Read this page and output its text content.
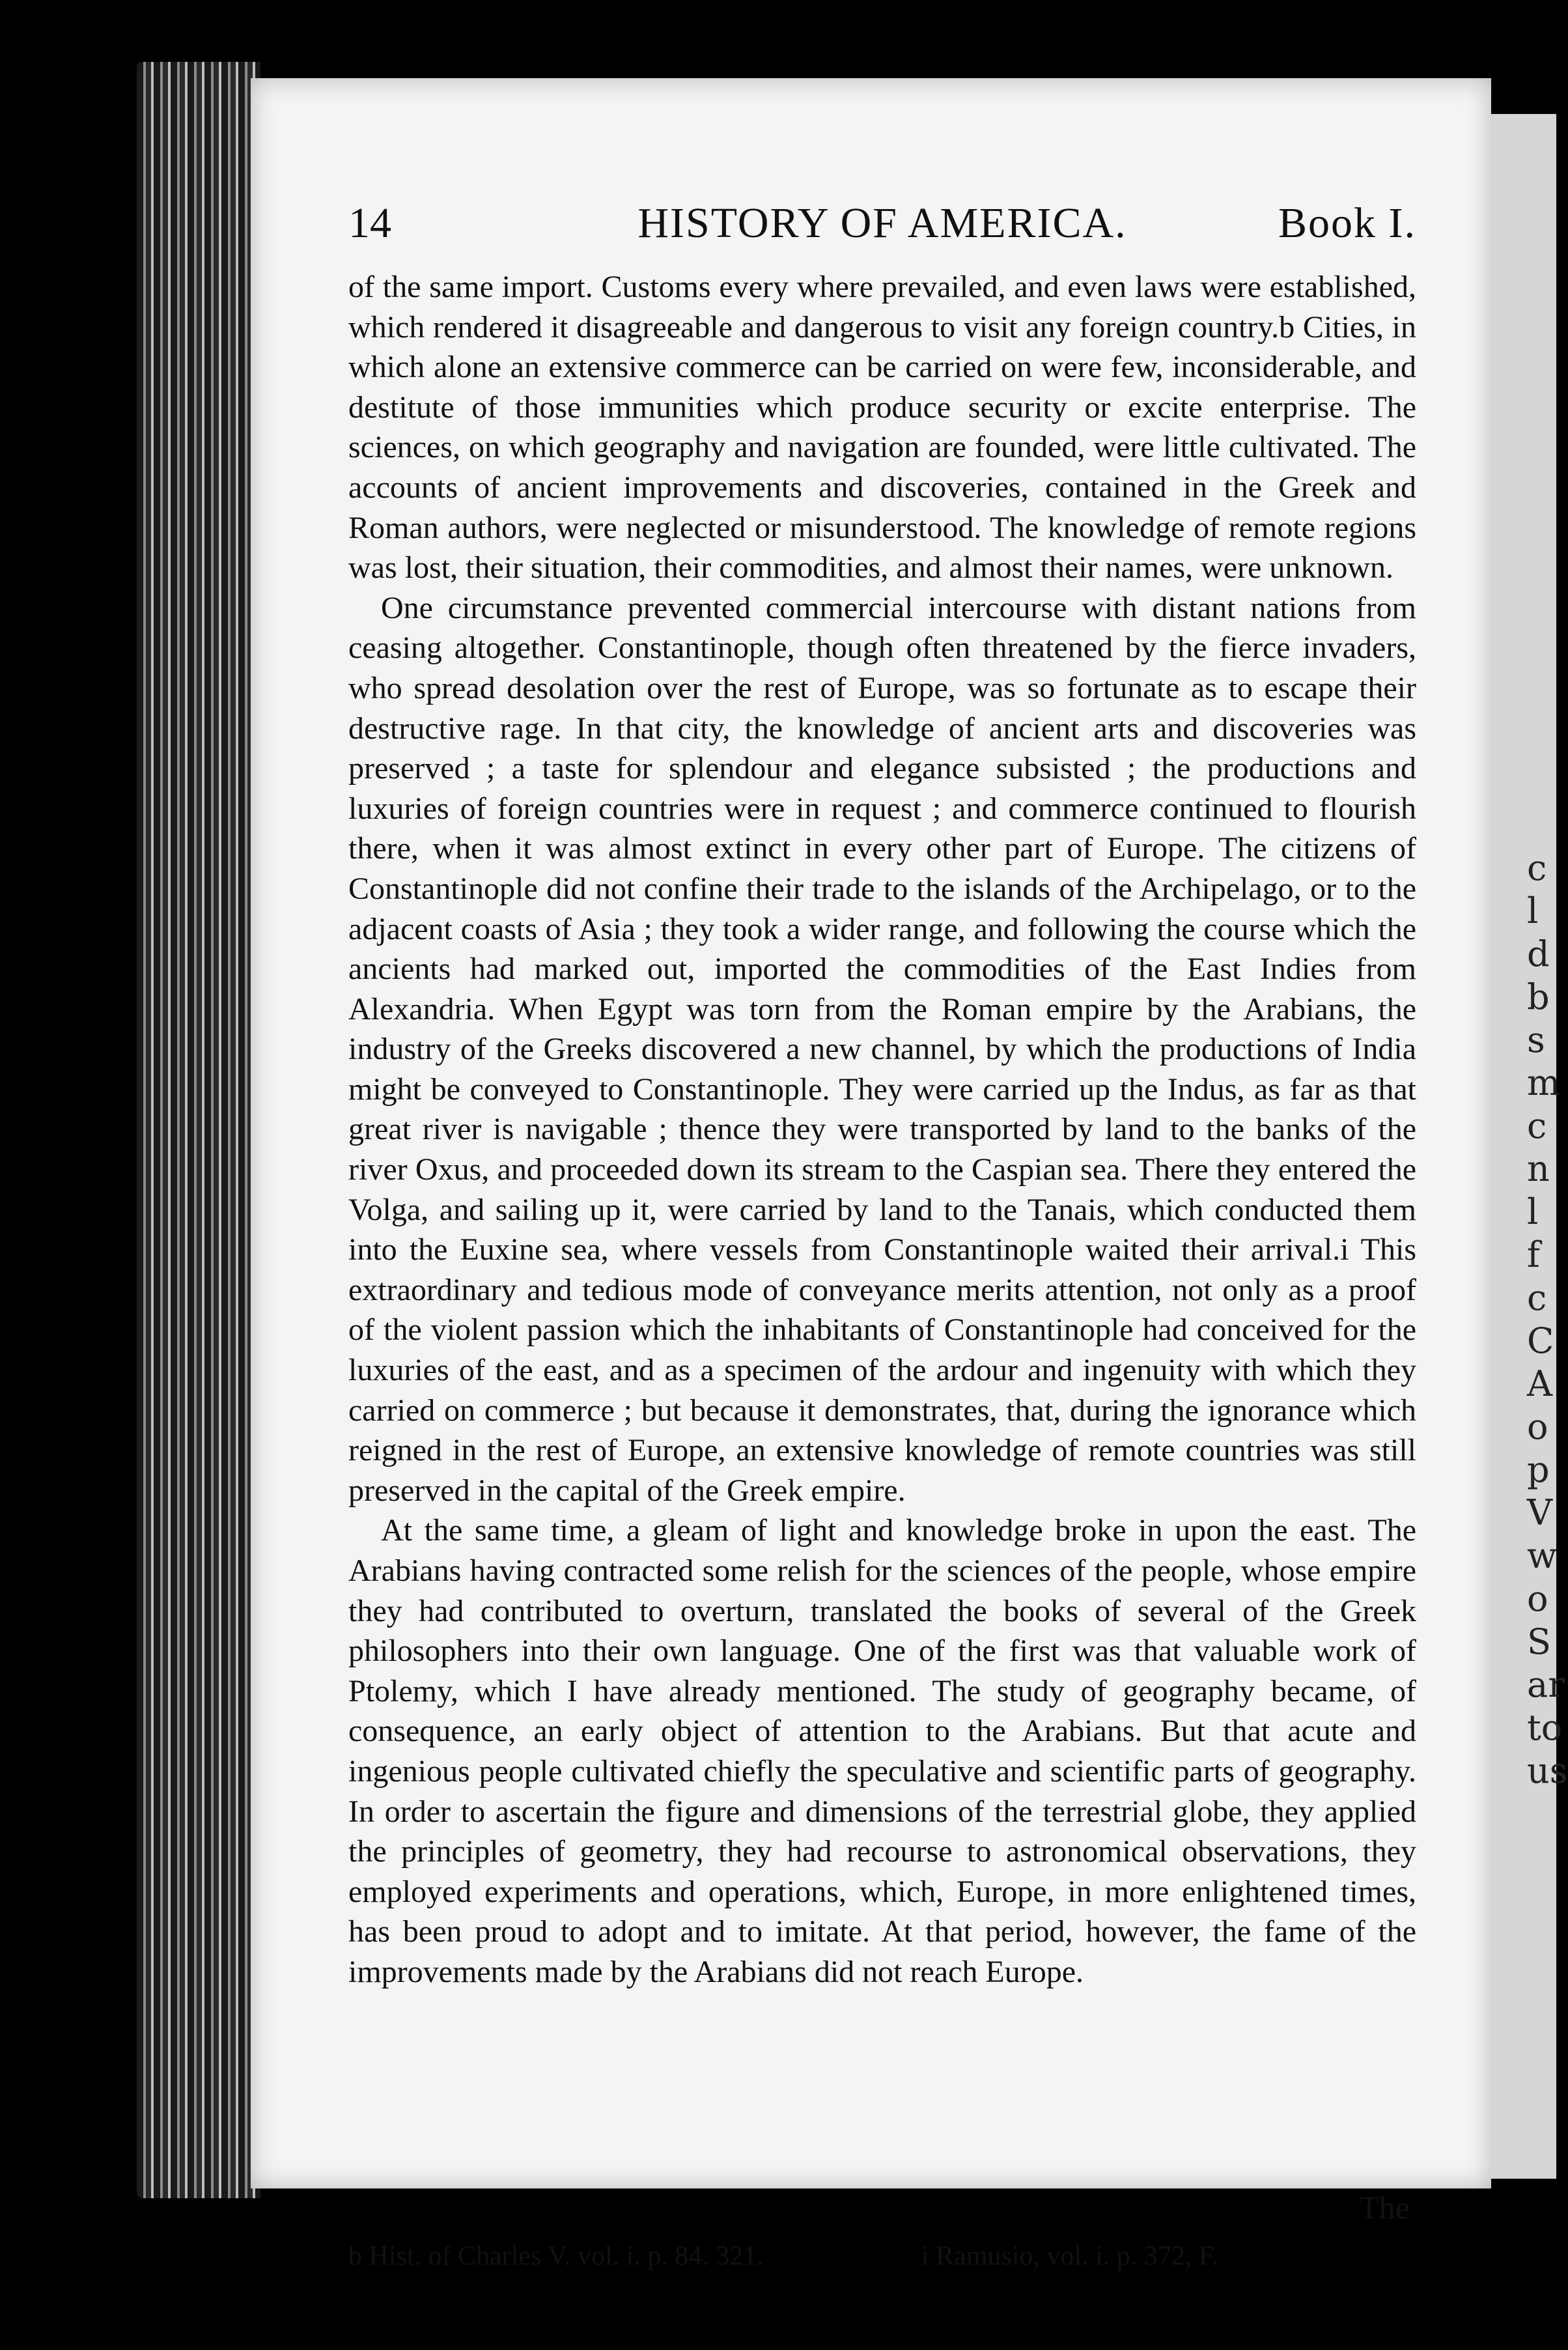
c
l
d
b
s
m
c
n
l
f
c
C
A
o
p
V
w
o
S
ar
to
us
14	HISTORY OF AMERICA.	Book I.

of the same import. Customs every where prevailed, and even laws were established, which rendered it disagreeable and dangerous to visit any foreign country.b Cities, in which alone an extensive commerce can be carried on were few, inconsiderable, and destitute of those immunities which produce security or excite enterprise. The sciences, on which geography and navigation are founded, were little cultivated. The accounts of ancient improvements and discoveries, contained in the Greek and Roman authors, were neglected or misunderstood. The knowledge of remote regions was lost, their situation, their commodities, and almost their names, were unknown.

One circumstance prevented commercial intercourse with distant nations from ceasing altogether. Constantinople, though often threatened by the fierce invaders, who spread desolation over the rest of Europe, was so fortunate as to escape their destructive rage. In that city, the knowledge of ancient arts and discoveries was preserved ; a taste for splendour and elegance subsisted ; the productions and luxuries of foreign countries were in request ; and commerce continued to flourish there, when it was almost extinct in every other part of Europe. The citizens of Constantinople did not confine their trade to the islands of the Archipelago, or to the adjacent coasts of Asia ; they took a wider range, and following the course which the ancients had marked out, imported the commodities of the East Indies from Alexandria. When Egypt was torn from the Roman empire by the Arabians, the industry of the Greeks discovered a new channel, by which the productions of India might be conveyed to Constantinople. They were carried up the Indus, as far as that great river is navigable ; thence they were transported by land to the banks of the river Oxus, and proceeded down its stream to the Caspian sea. There they entered the Volga, and sailing up it, were carried by land to the Tanais, which conducted them into the Euxine sea, where vessels from Constantinople waited their arrival.i This extraordinary and tedious mode of conveyance merits attention, not only as a proof of the violent passion which the inhabitants of Constantinople had conceived for the luxuries of the east, and as a specimen of the ardour and ingenuity with which they carried on commerce ; but because it demonstrates, that, during the ignorance which reigned in the rest of Europe, an extensive knowledge of remote countries was still preserved in the capital of the Greek empire.

At the same time, a gleam of light and knowledge broke in upon the east. The Arabians having contracted some relish for the sciences of the people, whose empire they had contributed to overturn, translated the books of several of the Greek philosophers into their own language. One of the first was that valuable work of Ptolemy, which I have already mentioned. The study of geography became, of consequence, an early object of attention to the Arabians. But that acute and ingenious people cultivated chiefly the speculative and scientific parts of geography. In order to ascertain the figure and dimensions of the terrestrial globe, they applied the principles of geometry, they had recourse to astronomical observations, they employed experiments and operations, which, Europe, in more enlightened times, has been proud to adopt and to imitate. At that period, however, the fame of the improvements made by the Arabians did not reach Europe.

The
b Hist. of Charles V. vol. i. p. 84. 321.	i Ramusio, vol. i. p. 372, F.
